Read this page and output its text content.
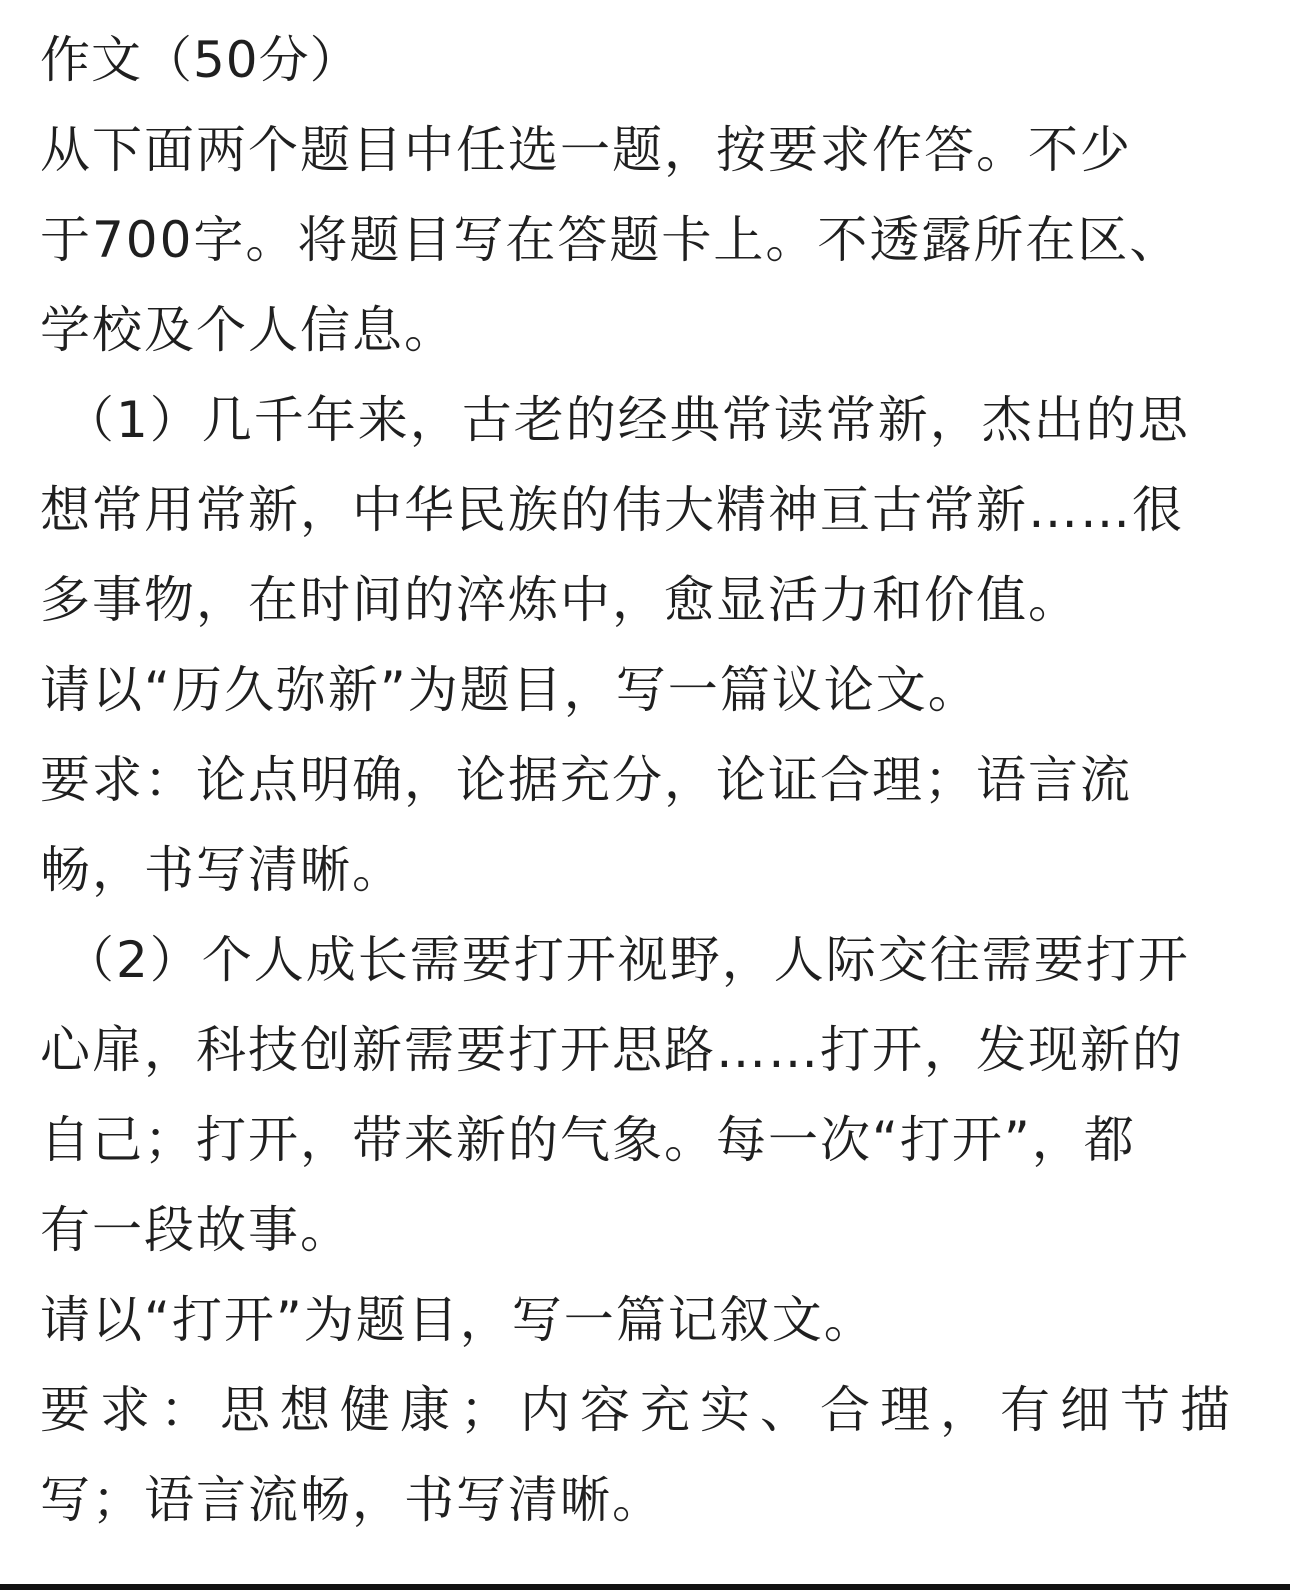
作文（50分）
从下面两个题目中任选一题，按要求作答。不少
于700字。将题目写在答题卡上。不透露所在区、
学校及个人信息。
（1）几千年来，古老的经典常读常新，杰出的思
想常用常新，中华民族的伟大精神亘古常新……很
多事物，在时间的淬炼中，愈显活力和价值。
请以“历久弥新”为题目，写一篇议论文。
要求：论点明确，论据充分，论证合理；语言流
畅，书写清晰。
（2）个人成长需要打开视野，人际交往需要打开
心扉，科技创新需要打开思路……打开，发现新的
自己；打开，带来新的气象。每一次“打开”，都
有一段故事。
请以“打开”为题目，写一篇记叙文。
要求：思想健康；内容充实、合理，有细节描
写；语言流畅，书写清晰。
